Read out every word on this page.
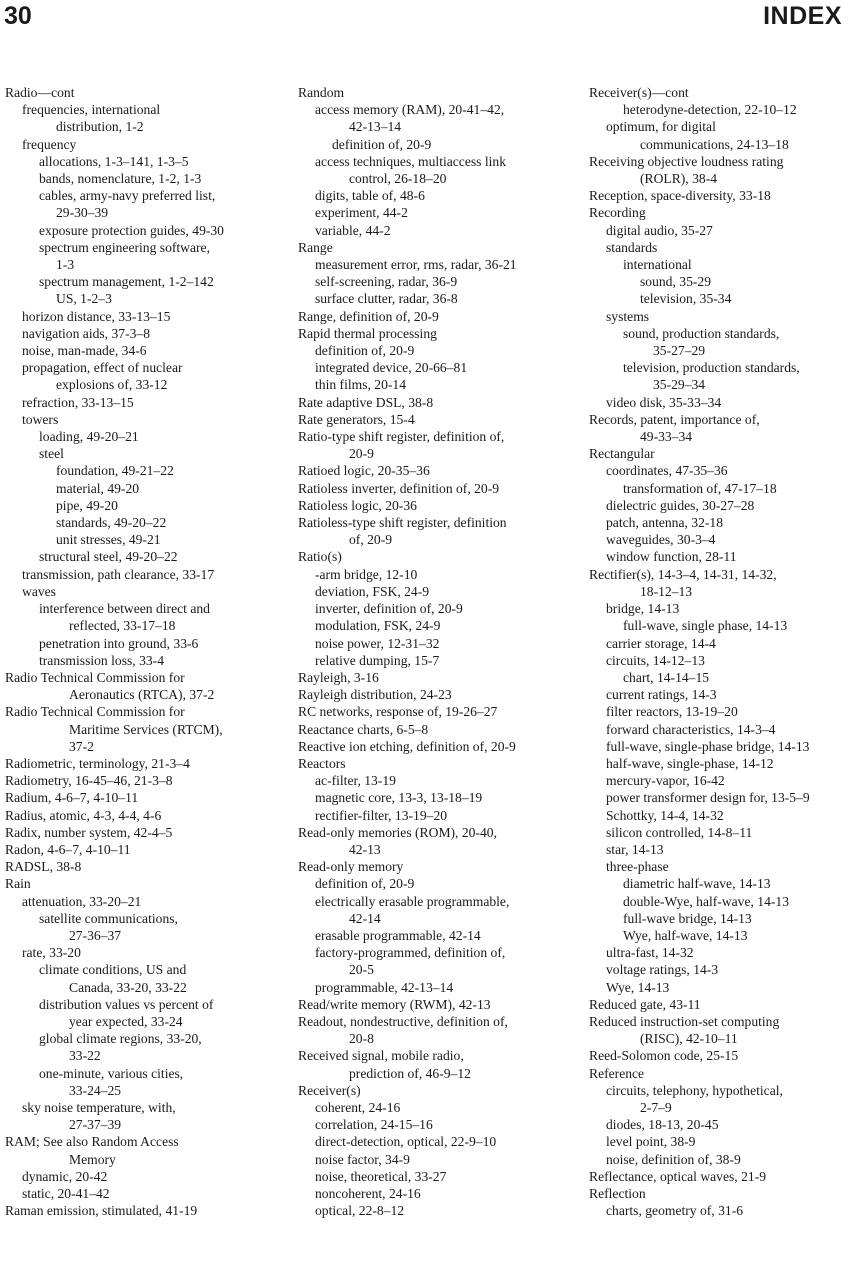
30	INDEX
Radio—cont
frequencies, international
distribution, 1-2
frequency
allocations, 1-3–141, 1-3–5
bands, nomenclature, 1-2, 1-3
cables, army-navy preferred list,
29-30–39
exposure protection guides, 49-30
spectrum engineering software,
1-3
spectrum management, 1-2–142
US, 1-2–3
horizon distance, 33-13–15
navigation aids, 37-3–8
noise, man-made, 34-6
propagation, effect of nuclear
explosions of, 33-12
refraction, 33-13–15
towers
loading, 49-20–21
steel
foundation, 49-21–22
material, 49-20
pipe, 49-20
standards, 49-20–22
unit stresses, 49-21
structural steel, 49-20–22
transmission, path clearance, 33-17
waves
interference between direct and
reflected, 33-17–18
penetration into ground, 33-6
transmission loss, 33-4
Radio Technical Commission for
Aeronautics (RTCA), 37-2
Radio Technical Commission for
Maritime Services (RTCM),
37-2
Radiometric, terminology, 21-3–4
Radiometry, 16-45–46, 21-3–8
Radium, 4-6–7, 4-10–11
Radius, atomic, 4-3, 4-4, 4-6
Radix, number system, 42-4–5
Radon, 4-6–7, 4-10–11
RADSL, 38-8
Rain
attenuation, 33-20–21
satellite communications,
27-36–37
rate, 33-20
climate conditions, US and
Canada, 33-20, 33-22
distribution values vs percent of
year expected, 33-24
global climate regions, 33-20,
33-22
one-minute, various cities,
33-24–25
sky noise temperature, with,
27-37–39
RAM; See also Random Access
Memory
dynamic, 20-42
static, 20-41–42
Raman emission, stimulated, 41-19
Random
access memory (RAM), 20-41–42,
42-13–14
definition of, 20-9
access techniques, multiaccess link
control, 26-18–20
digits, table of, 48-6
experiment, 44-2
variable, 44-2
Range
measurement error, rms, radar, 36-21
self-screening, radar, 36-9
surface clutter, radar, 36-8
Range, definition of, 20-9
Rapid thermal processing
definition of, 20-9
integrated device, 20-66–81
thin films, 20-14
Rate adaptive DSL, 38-8
Rate generators, 15-4
Ratio-type shift register, definition of,
20-9
Ratioed logic, 20-35–36
Ratioless inverter, definition of, 20-9
Ratioless logic, 20-36
Ratioless-type shift register, definition
of, 20-9
Ratio(s)
-arm bridge, 12-10
deviation, FSK, 24-9
inverter, definition of, 20-9
modulation, FSK, 24-9
noise power, 12-31–32
relative dumping, 15-7
Rayleigh, 3-16
Rayleigh distribution, 24-23
RC networks, response of, 19-26–27
Reactance charts, 6-5–8
Reactive ion etching, definition of, 20-9
Reactors
ac-filter, 13-19
magnetic core, 13-3, 13-18–19
rectifier-filter, 13-19–20
Read-only memories (ROM), 20-40,
42-13
Read-only memory
definition of, 20-9
electrically erasable programmable,
42-14
erasable programmable, 42-14
factory-programmed, definition of,
20-5
programmable, 42-13–14
Read/write memory (RWM), 42-13
Readout, nondestructive, definition of,
20-8
Received signal, mobile radio,
prediction of, 46-9–12
Receiver(s)
coherent, 24-16
correlation, 24-15–16
direct-detection, optical, 22-9–10
noise factor, 34-9
noise, theoretical, 33-27
noncoherent, 24-16
optical, 22-8–12
Receiver(s)—cont
heterodyne-detection, 22-10–12
optimum, for digital
communications, 24-13–18
Receiving objective loudness rating
(ROLR), 38-4
Reception, space-diversity, 33-18
Recording
digital audio, 35-27
standards
international
sound, 35-29
television, 35-34
systems
sound, production standards,
35-27–29
television, production standards,
35-29–34
video disk, 35-33–34
Records, patent, importance of,
49-33–34
Rectangular
coordinates, 47-35–36
transformation of, 47-17–18
dielectric guides, 30-27–28
patch, antenna, 32-18
waveguides, 30-3–4
window function, 28-11
Rectifier(s), 14-3–4, 14-31, 14-32,
18-12–13
bridge, 14-13
full-wave, single phase, 14-13
carrier storage, 14-4
circuits, 14-12–13
chart, 14-14–15
current ratings, 14-3
filter reactors, 13-19–20
forward characteristics, 14-3–4
full-wave, single-phase bridge, 14-13
half-wave, single-phase, 14-12
mercury-vapor, 16-42
power transformer design for, 13-5–9
Schottky, 14-4, 14-32
silicon controlled, 14-8–11
star, 14-13
three-phase
diametric half-wave, 14-13
double-Wye, half-wave, 14-13
full-wave bridge, 14-13
Wye, half-wave, 14-13
ultra-fast, 14-32
voltage ratings, 14-3
Wye, 14-13
Reduced gate, 43-11
Reduced instruction-set computing
(RISC), 42-10–11
Reed-Solomon code, 25-15
Reference
circuits, telephony, hypothetical,
2-7–9
diodes, 18-13, 20-45
level point, 38-9
noise, definition of, 38-9
Reflectance, optical waves, 21-9
Reflection
charts, geometry of, 31-6
